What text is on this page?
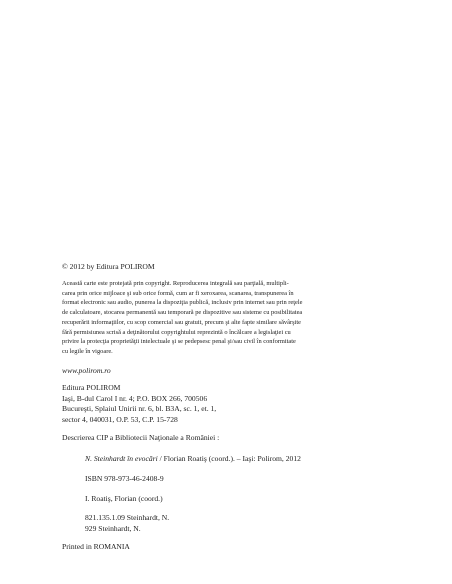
© 2012 by Editura POLIROM
Această carte este protejată prin copyright. Reproducerea integrală sau parţială, multipli-
carea prin orice mijloace şi sub orice formă, cum ar fi xeroxarea, scanarea, transpunerea în
format electronic sau audio, punerea la dispoziţia publică, inclusiv prin internet sau prin reţele
de calculatoare, stocarea permanentă sau temporară pe dispozitive sau sisteme cu posibilitatea
recuperării informaţiilor, cu scop comercial sau gratuit, precum şi alte fapte similare săvârşite
fără permisiunea scrisă a deţinătorului copyrightului reprezintă o încălcare a legislaţiei cu
privire la protecţia proprietăţii intelectuale şi se pedepsesc penal şi/sau civil în conformitate
cu legile în vigoare.
www.polirom.ro
Editura POLIROM
Iaşi, B-dul Carol I nr. 4; P.O. BOX 266, 700506
Bucureşti, Splaiul Unirii nr. 6, bl. B3A, sc. 1, et. 1,
sector 4, 040031, O.P. 53, C.P. 15-728
Descrierea CIP a Bibliotecii Naţionale a României :
N. Steinhardt în evocări / Florian Roatiş (coord.). – Iaşi: Polirom, 2012
ISBN 978-973-46-2408-9
I. Roatiş, Florian (coord.)
821.135.1.09 Steinhardt, N.
929 Steinhardt, N.
Printed in ROMANIA
